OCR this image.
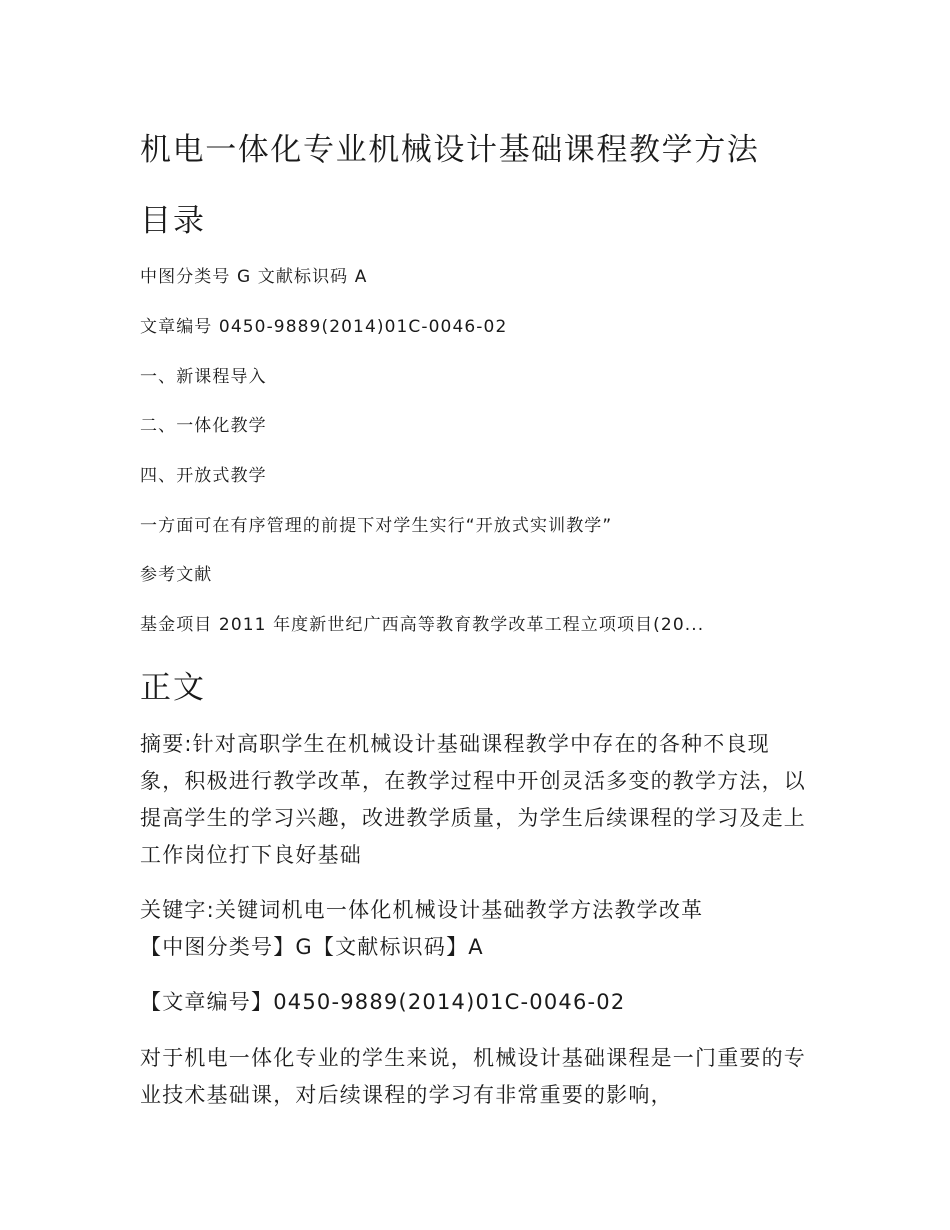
机电一体化专业机械设计基础课程教学方法
目录
中图分类号 G 文献标识码 A
文章编号 0450-9889(2014)01C-0046-02
一、新课程导入
二、一体化教学
四、开放式教学
一方面可在有序管理的前提下对学生实行“开放式实训教学”
参考文献
基金项目 2011 年度新世纪广西高等教育教学改革工程立项项目(20...
正文

摘要:针对高职学生在机械设计基础课程教学中存在的各种不良现象，积极进行教学改革，在教学过程中开创灵活多变的教学方法，以提高学生的学习兴趣，改进教学质量，为学生后续课程的学习及走上工作岗位打下良好基础

关键字:关键词机电一体化机械设计基础教学方法教学改革

【中图分类号】G【文献标识码】A

【文章编号】0450-9889(2014)01C-0046-02

对于机电一体化专业的学生来说，机械设计基础课程是一门重要的专业技术基础课，对后续课程的学习有非常重要的影响，
